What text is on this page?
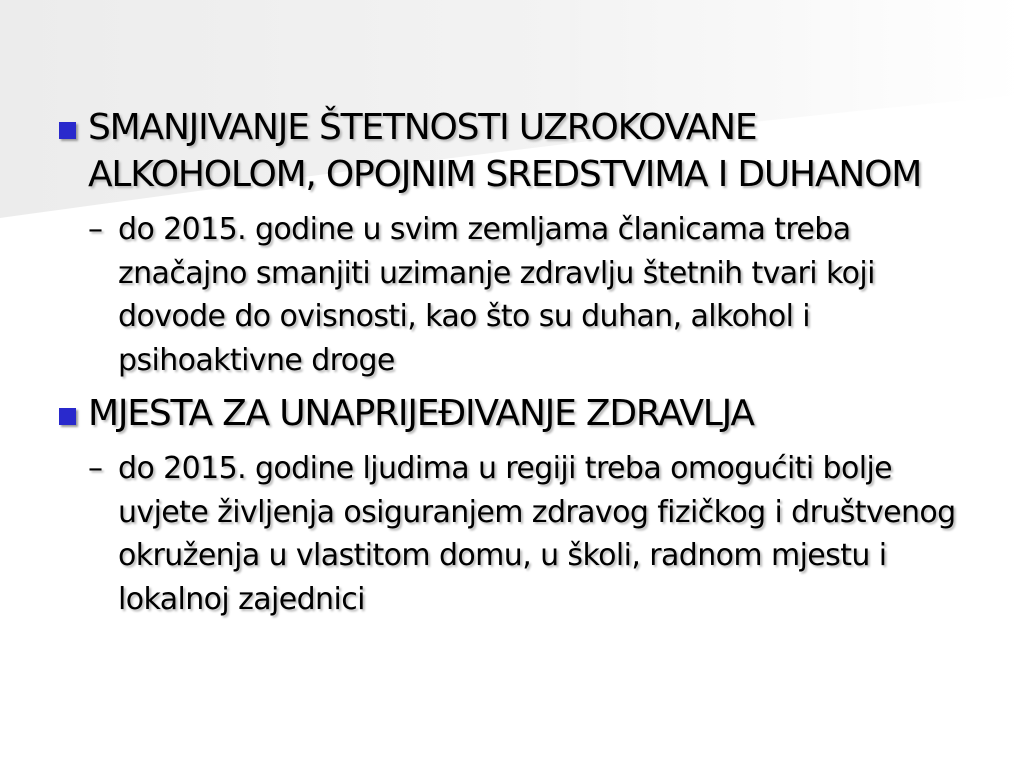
SMANJIVANJE ŠTETNOSTI UZROKOVANE ALKOHOLOM, OPOJNIM SREDSTVIMA I DUHANOM
– do 2015. godine u svim zemljama članicama treba značajno smanjiti uzimanje zdravlju štetnih tvari koji dovode do ovisnosti, kao što su duhan, alkohol i psihoaktivne droge
MJESTA ZA UNAPRIJEĐIVANJE ZDRAVLJA
– do 2015. godine ljudima u regiji treba omogućiti bolje uvjete življenja osiguranjem zdravog fizičkog i društvenog okruženja u vlastitom domu, u školi, radnom mjestu i lokalnoj zajednici
